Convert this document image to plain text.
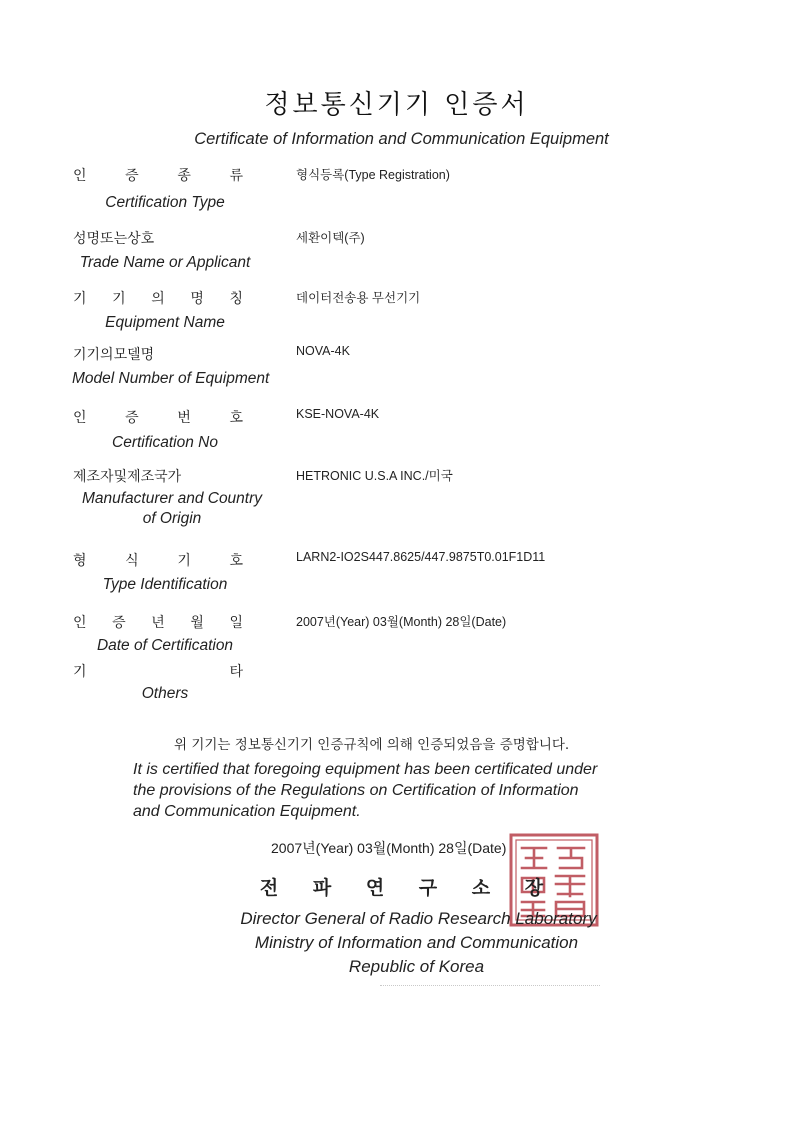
정보통신기기 인증서
Certificate of Information and Communication Equipment
인 증 종 류
Certification Type
형식등록(Type Registration)
성명또는상호
Trade Name or Applicant
세환이텍(주)
기 기 의 명 칭
Equipment Name
데이터전송용 무선기기
기기의모델명
Model Number of Equipment
NOVA-4K
인 증 번 호
Certification No
KSE-NOVA-4K
제조자및제조국가
Manufacturer and Country
of Origin
HETRONIC U.S.A INC./미국
형 식 기 호
Type Identification
LARN2-IO2S447.8625/447.9875T0.01F1D11
인 증 년 월 일
Date of Certification
2007년(Year) 03월(Month) 28일(Date)
기 타
Others
위 기기는 정보통신기기 인증규칙에 의해 인증되었음을 증명합니다.
It is certified that foregoing equipment has been certificated under
the provisions of the Regulations on Certification of Information
and Communication Equipment.
2007년(Year) 03월(Month) 28일(Date)
전 파 연 구 소 장
Director General of Radio Research Laboratory
Ministry of Information and Communication
Republic of Korea
